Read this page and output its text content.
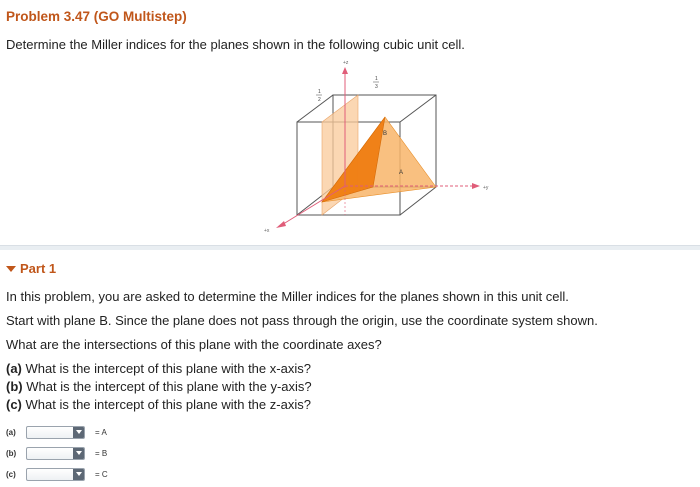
Problem 3.47 (GO Multistep)
Determine the Miller indices for the planes shown in the following cubic unit cell.
+z
+y
+x
1
3
1
2
B
A
Part 1
In this problem, you are asked to determine the Miller indices for the planes shown in this unit cell.
Start with plane B. Since the plane does not pass through the origin, use the coordinate system shown.
What are the intersections of this plane with the coordinate axes?
(a) What is the intercept of this plane with the x-axis?
(b) What is the intercept of this plane with the y-axis?
(c) What is the intercept of this plane with the z-axis?
(a)	= A
(b)	= B
(c)	= C
